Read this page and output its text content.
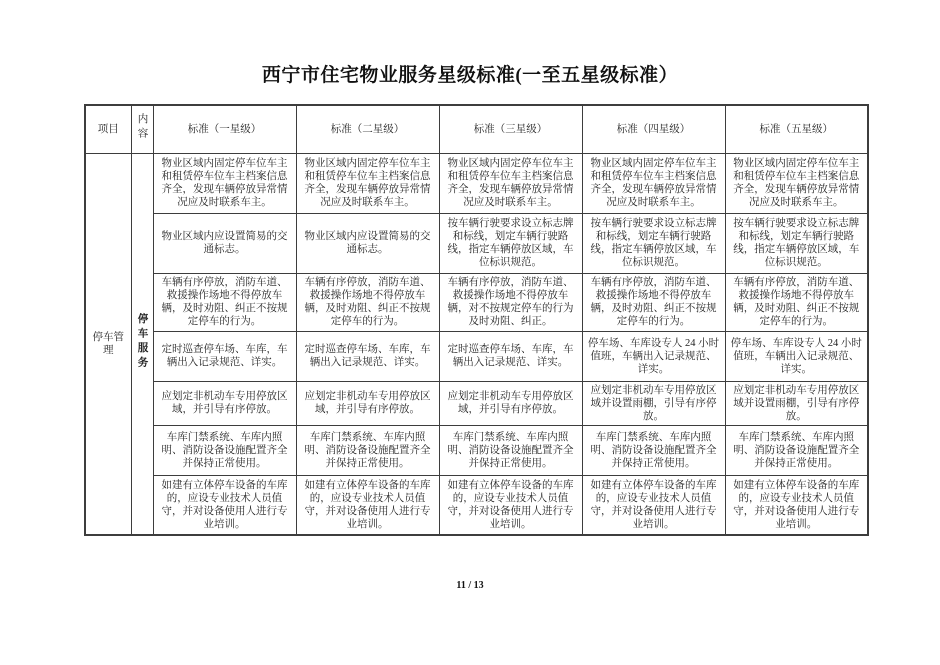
西宁市住宅物业服务星级标准(一至五星级标准）
项目	内容	标准（一星级）	标准（二星级）	标准（三星级）	标准（四星级）	标准（五星级）
停车管理	停车服务	物业区域内固定停车位车主和租赁停车位车主档案信息齐全，发现车辆停放异常情况应及时联系车主。	物业区域内固定停车位车主和租赁停车位车主档案信息齐全，发现车辆停放异常情况应及时联系车主。	物业区域内固定停车位车主和租赁停车位车主档案信息齐全，发现车辆停放异常情况应及时联系车主。	物业区域内固定停车位车主和租赁停车位车主档案信息齐全，发现车辆停放异常情况应及时联系车主。	物业区域内固定停车位车主和租赁停车位车主档案信息齐全，发现车辆停放异常情况应及时联系车主。
		物业区域内应设置简易的交通标志。	物业区域内应设置简易的交通标志。	按车辆行驶要求设立标志牌和标线，划定车辆行驶路线，指定车辆停放区域，车位标识规范。	按车辆行驶要求设立标志牌和标线，划定车辆行驶路线，指定车辆停放区域，车位标识规范。	按车辆行驶要求设立标志牌和标线，划定车辆行驶路线，指定车辆停放区域，车位标识规范。
		车辆有序停放，消防车道、救援操作场地不得停放车辆，及时劝阻、纠正不按规定停车的行为。	车辆有序停放，消防车道、救援操作场地不得停放车辆，及时劝阻、纠正不按规定停车的行为。	车辆有序停放，消防车道、救援操作场地不得停放车辆，对不按规定停车的行为及时劝阻、纠正。	车辆有序停放，消防车道、救援操作场地不得停放车辆，及时劝阻、纠正不按规定停车的行为。	车辆有序停放，消防车道、救援操作场地不得停放车辆，及时劝阻、纠正不按规定停车的行为。
		定时巡查停车场、车库，车辆出入记录规范、详实。	定时巡查停车场、车库，车辆出入记录规范、详实。	定时巡查停车场、车库，车辆出入记录规范、详实。	停车场、车库设专人 24 小时值班，车辆出入记录规范、详实。	停车场、车库设专人 24 小时值班，车辆出入记录规范、详实。
		应划定非机动车专用停放区域，并引导有序停放。	应划定非机动车专用停放区域，并引导有序停放。	应划定非机动车专用停放区域，并引导有序停放。	应划定非机动车专用停放区域并设置雨棚，引导有序停放。	应划定非机动车专用停放区域并设置雨棚，引导有序停放。
		车库门禁系统、车库内照明、消防设备设施配置齐全并保持正常使用。	车库门禁系统、车库内照明、消防设备设施配置齐全并保持正常使用。	车库门禁系统、车库内照明、消防设备设施配置齐全并保持正常使用。	车库门禁系统、车库内照明、消防设备设施配置齐全并保持正常使用。	车库门禁系统、车库内照明、消防设备设施配置齐全并保持正常使用。
		如建有立体停车设备的车库的，应设专业技术人员值守，并对设备使用人进行专业培训。	如建有立体停车设备的车库的，应设专业技术人员值守，并对设备使用人进行专业培训。	如建有立体停车设备的车库的，应设专业技术人员值守，并对设备使用人进行专业培训。	如建有立体停车设备的车库的，应设专业技术人员值守，并对设备使用人进行专业培训。	如建有立体停车设备的车库的，应设专业技术人员值守，并对设备使用人进行专业培训。
11 / 13
